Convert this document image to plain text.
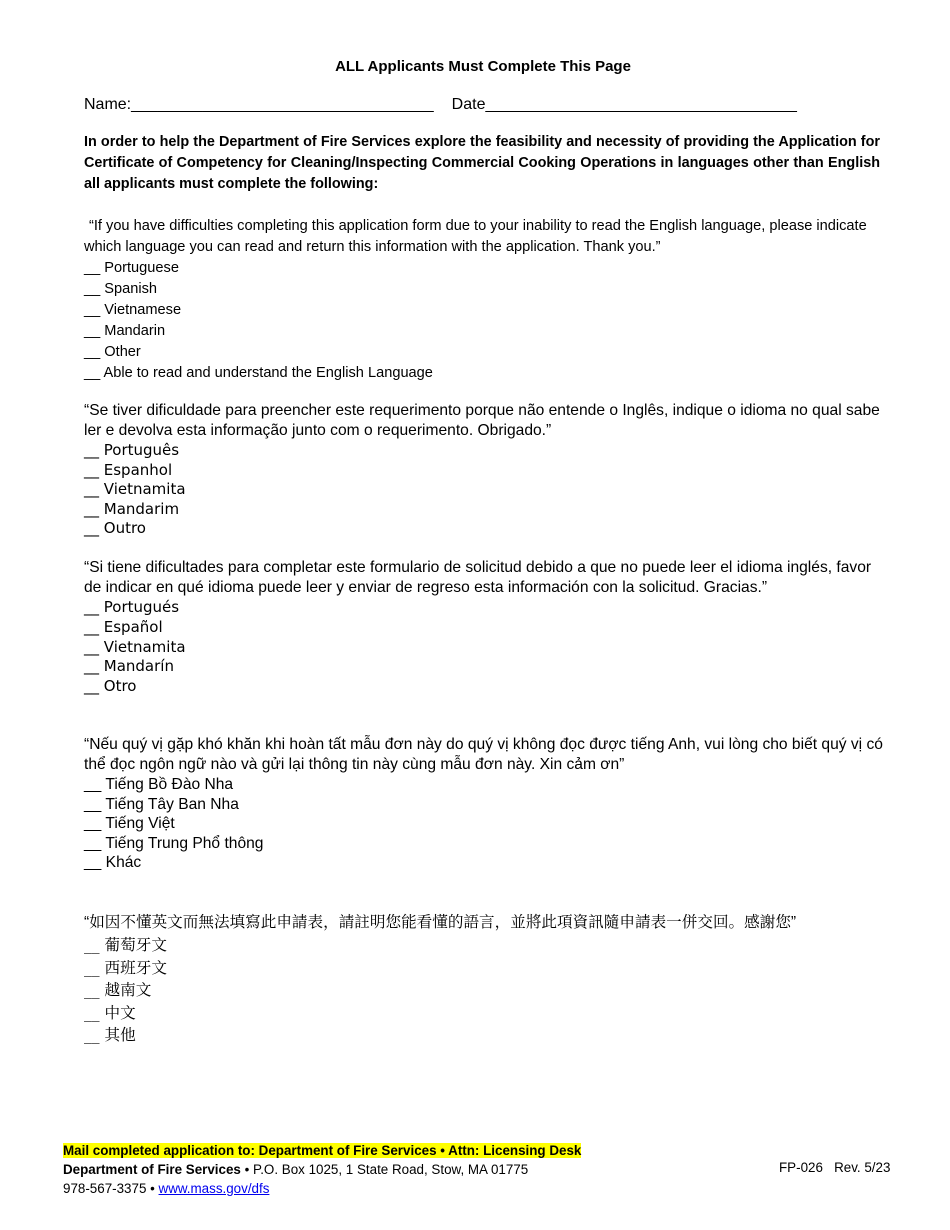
ALL Applicants Must Complete This Page
Name:__________________________________ Date___________________________________
In order to help the Department of Fire Services explore the feasibility and necessity of providing the Application for Certificate of Competency for Cleaning/Inspecting Commercial Cooking Operations in languages other than English all applicants must complete the following:

“If you have difficulties completing this application form due to your inability to read the English language, please indicate which language you can read and return this information with the application. Thank you.”

__ Portuguese

__ Spanish

__ Vietnamese

__ Mandarin

__ Other

__ Able to read and understand the English Language

“Se tiver dificuldade para preencher este requerimento porque não entende o Inglês, indique o idioma no qual sabe ler e devolva esta informação junto com o requerimento. Obrigado.”

__ Português

__ Espanhol

__ Vietnamita

__ Mandarim

__ Outro

“Si tiene dificultades para completar este formulario de solicitud debido a que no puede leer el idioma inglés, favor de indicar en qué idioma puede leer y enviar de regreso esta información con la solicitud. Gracias.”

__ Portugués

__ Español

__ Vietnamita

__ Mandarín

__ Otro

“Nếu quý vị gặp khó khăn khi hoàn tất mẫu đơn này do quý vị không đọc được tiếng Anh, vui lòng cho biết quý vị có thể đọc ngôn ngữ nào và gửi lại thông tin này cùng mẫu đơn này. Xin cảm ơn”

__ Tiếng Bồ Đào Nha

__ Tiếng Tây Ban Nha

__ Tiếng Việt

__ Tiếng Trung Phổ thông

__ Khác

“如因不懂英文而無法填寫此申請表，請註明您能看懂的語言，並將此項資訊隨申請表一併交回。感謝您”

__ 葡萄牙文

__ 西班牙文

__ 越南文

__ 中文

__ 其他

Mail completed application to: Department of Fire Services • Attn: Licensing Desk
Department of Fire Services • P.O. Box 1025, 1 State Road, Stow, MA 01775
978-567-3375 • www.mass.gov/dfs
FP-026   Rev. 5/23
